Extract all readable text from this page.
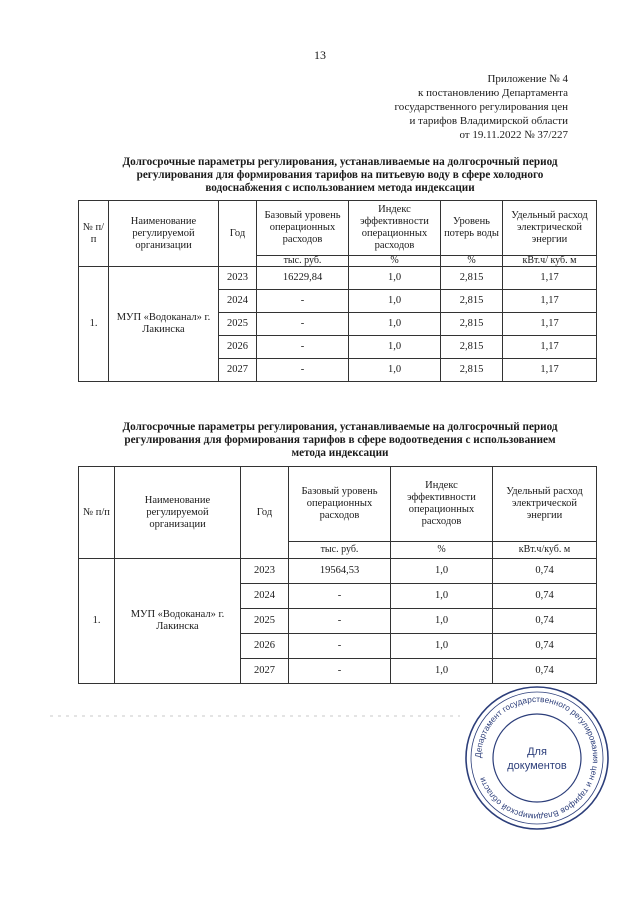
13
Приложение № 4
к постановлению Департамента
государственного регулирования цен
и тарифов Владимирской области
от 19.11.2022 № 37/227
Долгосрочные параметры регулирования, устанавливаемые на долгосрочный период
регулирования для формирования тарифов на питьевую воду в сфере холодного
водоснабжения с использованием метода индексации
№ п/п	Наименование регулируемой организации	Год	Базовый уровень операционных расходов	Индекс эффективности операционных расходов	Уровень потерь воды	Удельный расход электрической энергии
			тыс. руб.	%	%	кВт.ч/ куб. м
1.	МУП «Водоканал» г. Лакинска	2023	16229,84	1,0	2,815	1,17
		2024	-	1,0	2,815	1,17
		2025	-	1,0	2,815	1,17
		2026	-	1,0	2,815	1,17
		2027	-	1,0	2,815	1,17
Долгосрочные параметры регулирования, устанавливаемые на долгосрочный период
регулирования для формирования тарифов в сфере водоотведения с использованием
метода индексации
№ п/п	Наименование регулируемой организации	Год	Базовый уровень операционных расходов	Индекс эффективности операционных расходов	Удельный расход электрической энергии
			тыс. руб.	%	кВт.ч/куб. м
1.	МУП «Водоканал» г. Лакинска	2023	19564,53	1,0	0,74
		2024	-	1,0	0,74
		2025	-	1,0	0,74
		2026	-	1,0	0,74
		2027	-	1,0	0,74
Департамент государственного регулирования цен и тарифов Владимирской области
Для
документов
